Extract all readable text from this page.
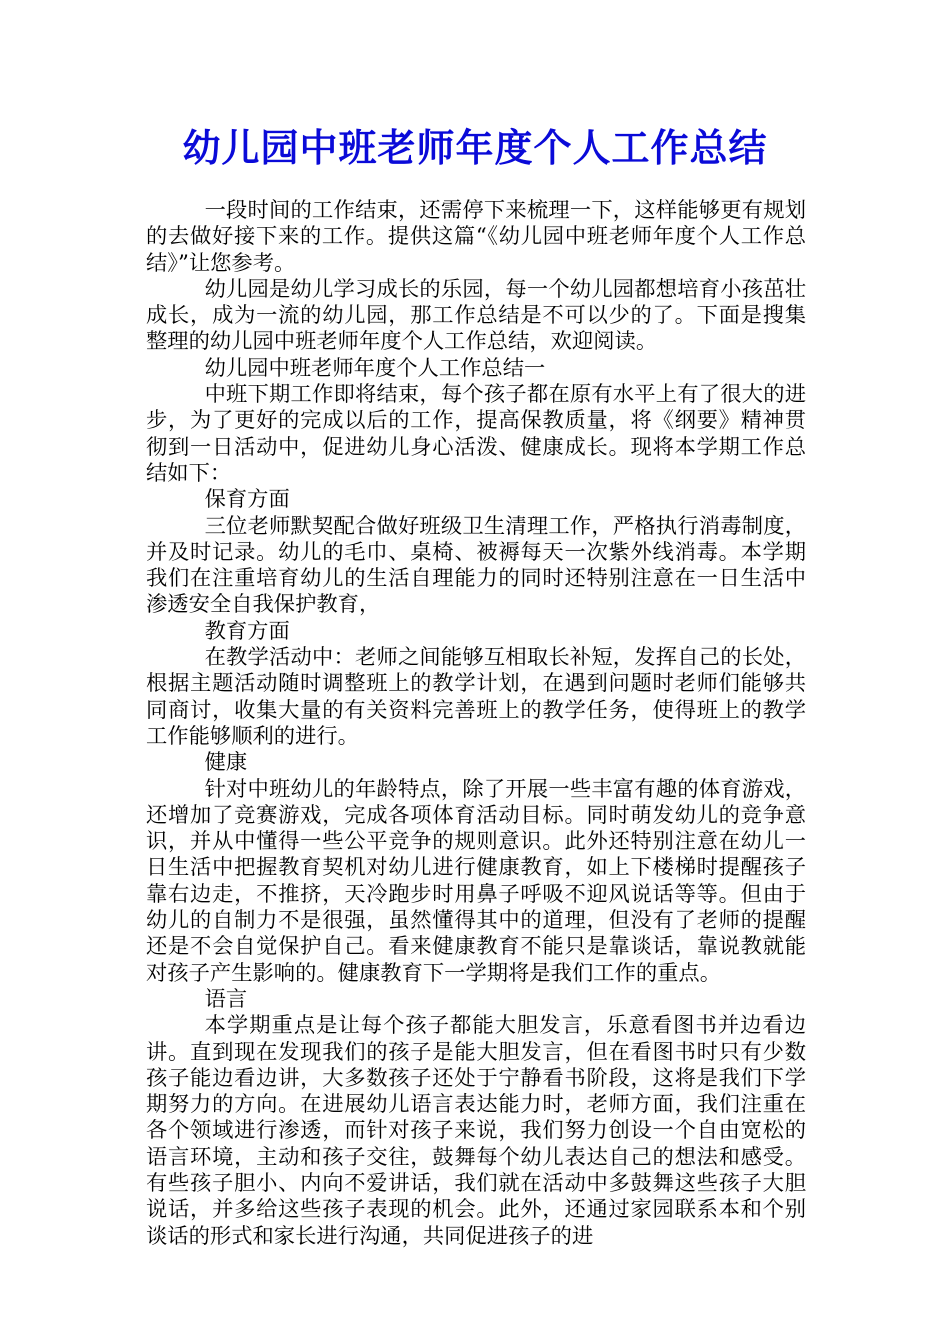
幼儿园中班老师年度个人工作总结

一段时间的工作结束，还需停下来梳理一下，这样能够更有规划的去做好接下来的工作。提供这篇“《幼儿园中班老师年度个人工作总结》”让您参考。

幼儿园是幼儿学习成长的乐园，每一个幼儿园都想培育小孩茁壮成长，成为一流的幼儿园，那工作总结是不可以少的了。下面是搜集整理的幼儿园中班老师年度个人工作总结，欢迎阅读。

幼儿园中班老师年度个人工作总结一

中班下期工作即将结束，每个孩子都在原有水平上有了很大的进步，为了更好的完成以后的工作，提高保教质量，将《纲要》精神贯彻到一日活动中，促进幼儿身心活泼、健康成长。现将本学期工作总结如下：

保育方面

三位老师默契配合做好班级卫生清理工作，严格执行消毒制度，并及时记录。幼儿的毛巾、桌椅、被褥每天一次紫外线消毒。本学期我们在注重培育幼儿的生活自理能力的同时还特别注意在一日生活中渗透安全自我保护教育，

教育方面

在教学活动中：老师之间能够互相取长补短，发挥自己的长处，根据主题活动随时调整班上的教学计划，在遇到问题时老师们能够共同商讨，收集大量的有关资料完善班上的教学任务，使得班上的教学工作能够顺利的进行。

健康

针对中班幼儿的年龄特点，除了开展一些丰富有趣的体育游戏，还增加了竞赛游戏，完成各项体育活动目标。同时萌发幼儿的竞争意识，并从中懂得一些公平竞争的规则意识。此外还特别注意在幼儿一日生活中把握教育契机对幼儿进行健康教育，如上下楼梯时提醒孩子靠右边走，不推挤，天冷跑步时用鼻子呼吸不迎风说话等等。但由于幼儿的自制力不是很强，虽然懂得其中的道理，但没有了老师的提醒还是不会自觉保护自己。看来健康教育不能只是靠谈话，靠说教就能对孩子产生影响的。健康教育下一学期将是我们工作的重点。

语言

本学期重点是让每个孩子都能大胆发言，乐意看图书并边看边讲。直到现在发现我们的孩子是能大胆发言，但在看图书时只有少数孩子能边看边讲，大多数孩子还处于宁静看书阶段，这将是我们下学期努力的方向。在进展幼儿语言表达能力时，老师方面，我们注重在各个领域进行渗透，而针对孩子来说，我们努力创设一个自由宽松的语言环境，主动和孩子交往，鼓舞每个幼儿表达自己的想法和感受。有些孩子胆小、内向不爱讲话，我们就在活动中多鼓舞这些孩子大胆说话，并多给这些孩子表现的机会。此外，还通过家园联系本和个别谈话的形式和家长进行沟通，共同促进孩子的进
